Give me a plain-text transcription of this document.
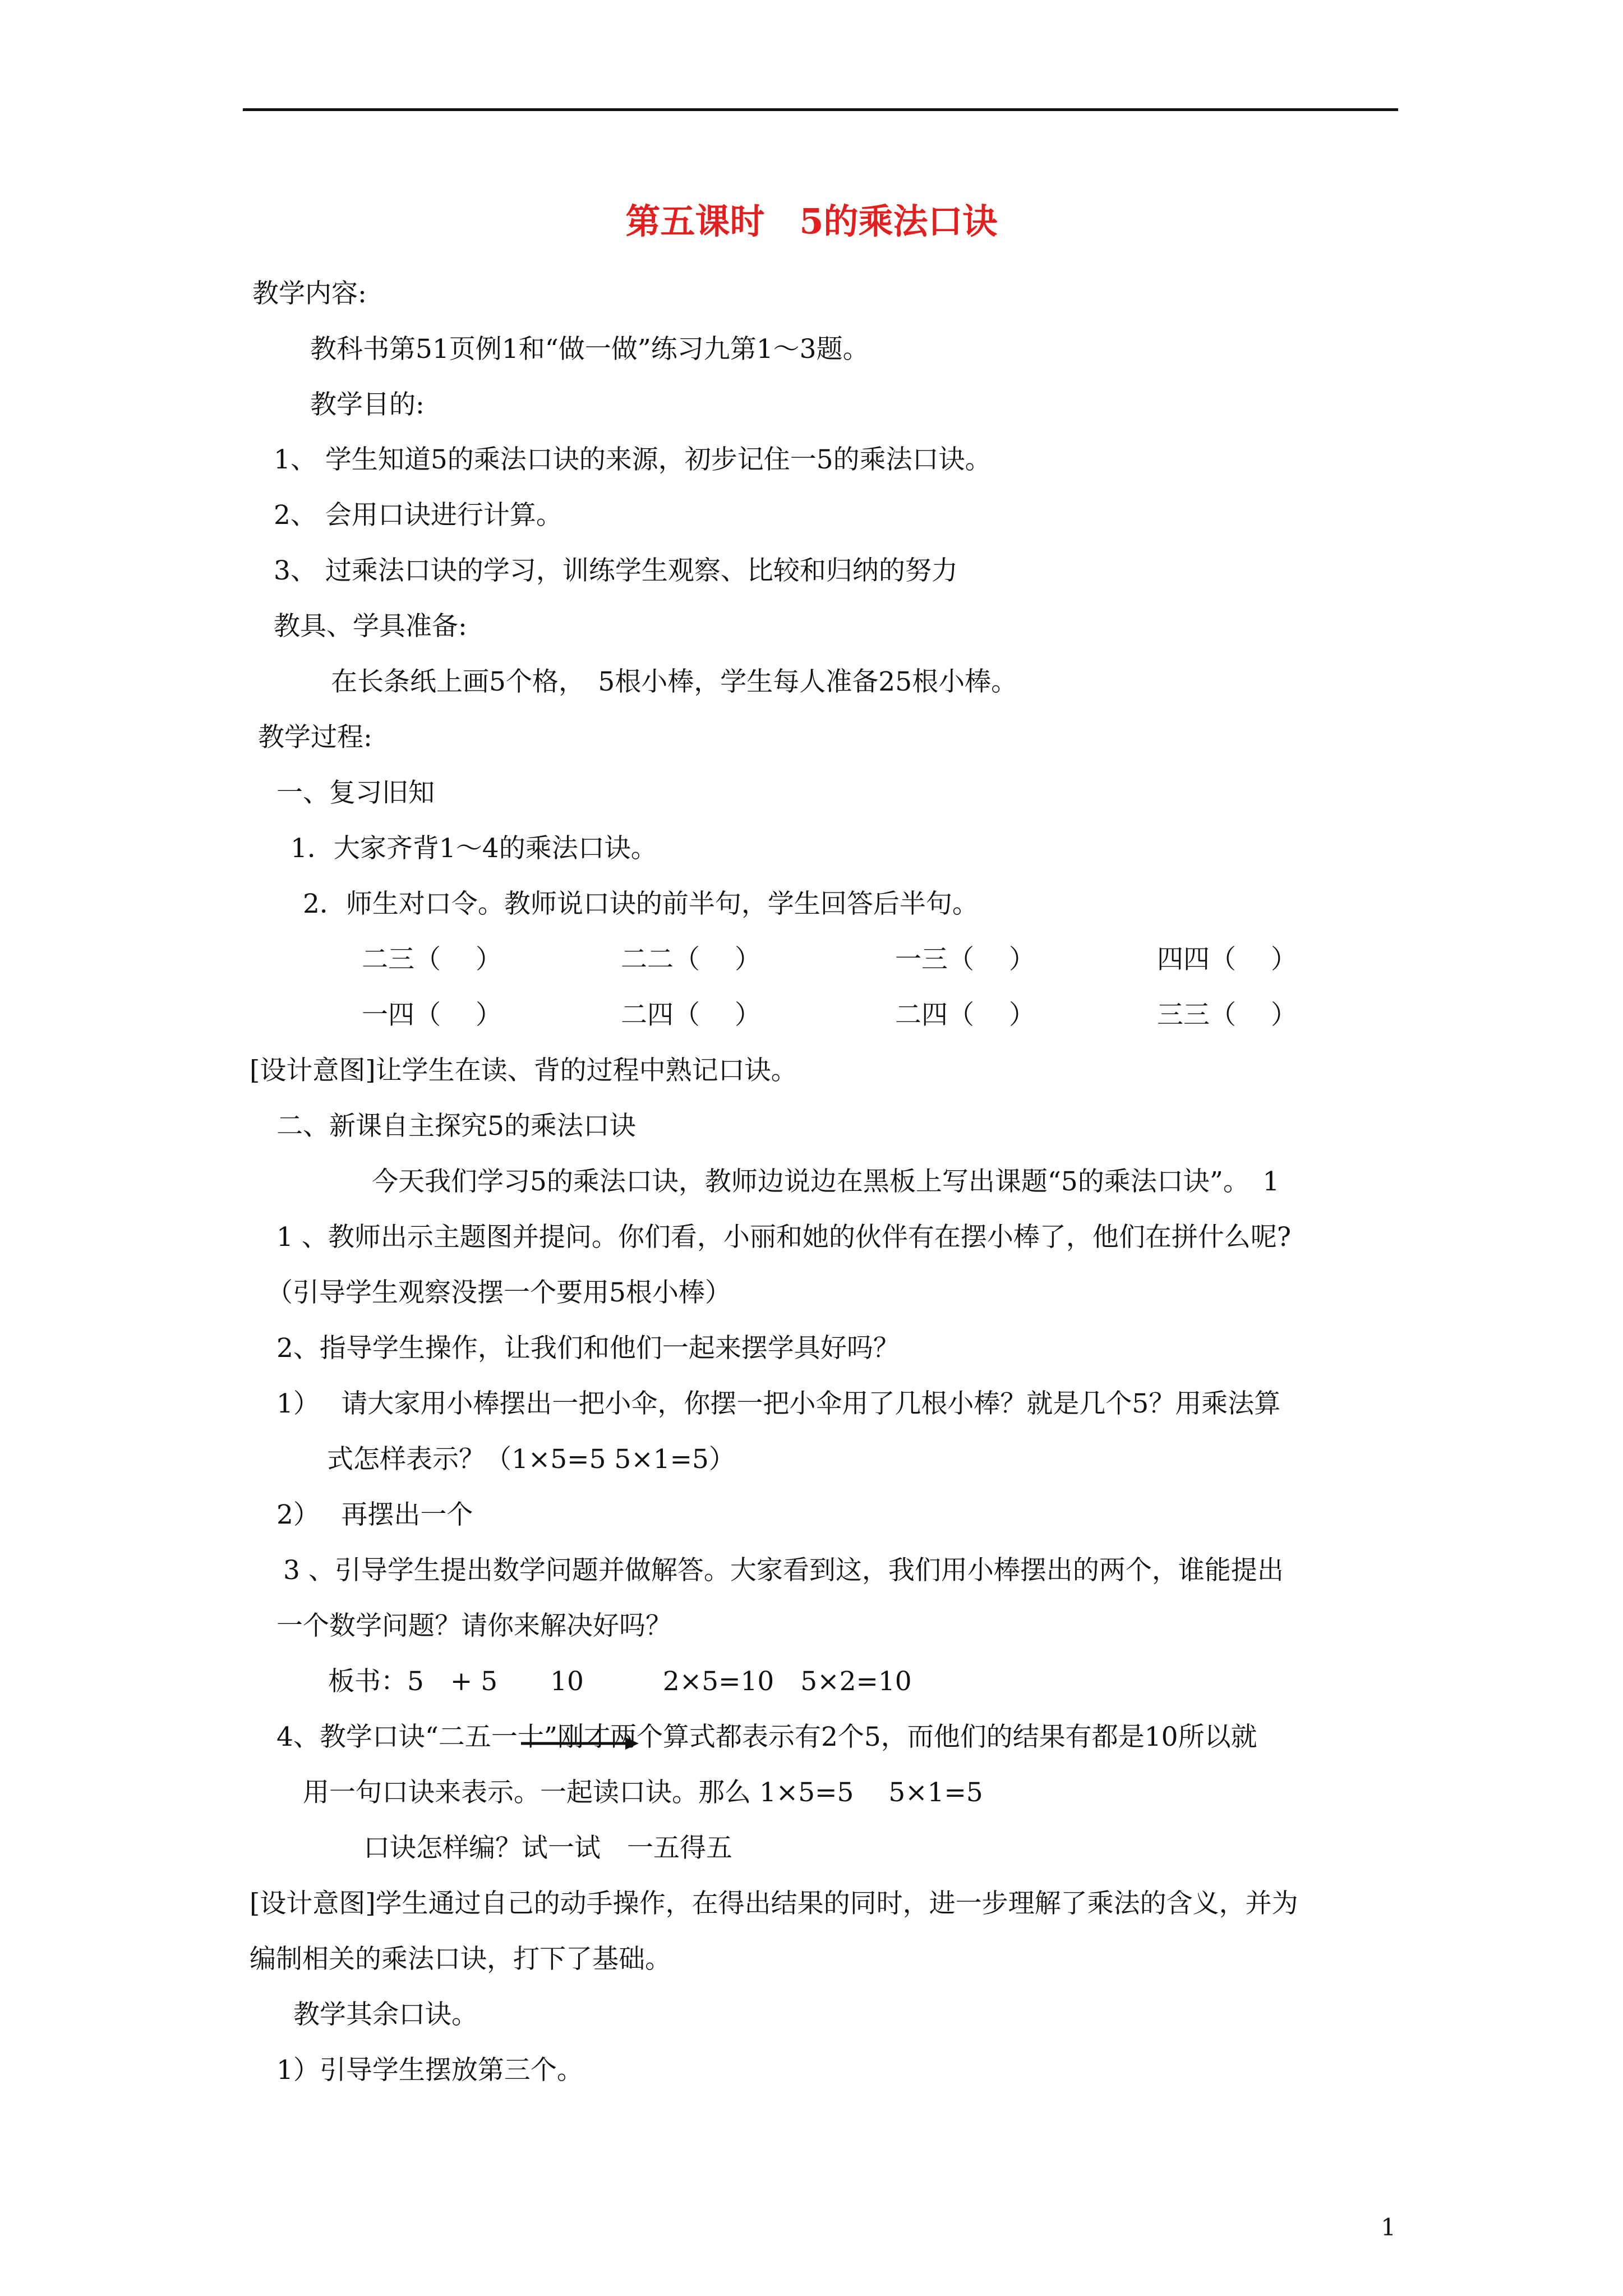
第五课时　5的乘法口诀
教学内容:
教科书第51页例1和“做一做”练习九第1～3题。
教学目的:
1、 学生知道5的乘法口诀的来源，初步记住一5的乘法口诀。
2、 会用口诀进行计算。
3、 过乘法口诀的学习，训练学生观察、比较和归纳的努力
教具、学具准备:
在长条纸上画5个格，　5根小棒，学生每人准备25根小棒。
教学过程:
一、复习旧知
1．大家齐背1～4的乘法口诀。
2．师生对口令。教师说口诀的前半句，学生回答后半句。
二三（　 ）	二二（　 ）	一三（　 ）	四四（　 ）
一四（　 ）	二四（　 ）	二四（　 ）	三三（　 ）
[设计意图]让学生在读、背的过程中熟记口诀。
二、新课自主探究5的乘法口诀
今天我们学习5的乘法口诀，教师边说边在黑板上写出课题“5的乘法口诀”。　1
1 、教师出示主题图并提问。你们看，小丽和她的伙伴有在摆小棒了，他们在拼什么呢?
（引导学生观察没摆一个要用5根小棒）
2、指导学生操作，让我们和他们一起来摆学具好吗？
1）　 请大家用小棒摆出一把小伞，你摆一把小伞用了几根小棒？就是几个5？用乘法算
式怎样表示？（1×5=5 5×1=5）
2）　 再摆出一个
3 、引导学生提出数学问题并做解答。大家看到这，我们用小棒摆出的两个，谁能提出
一个数学问题？请你来解决好吗？
板书：5　+ 5　　10　　　2×5=10　5×2=10
4、教学口诀“二五一十”刚才两个算式都表示有2个5，而他们的结果有都是10所以就
用一句口诀来表示。一起读口诀。那么 1×5=5　 5×1=5
口诀怎样编？试一试　一五得五
[设计意图]学生通过自己的动手操作，在得出结果的同时，进一步理解了乘法的含义，并为
编制相关的乘法口诀，打下了基础。
教学其余口诀。
1）引导学生摆放第三个。
1
